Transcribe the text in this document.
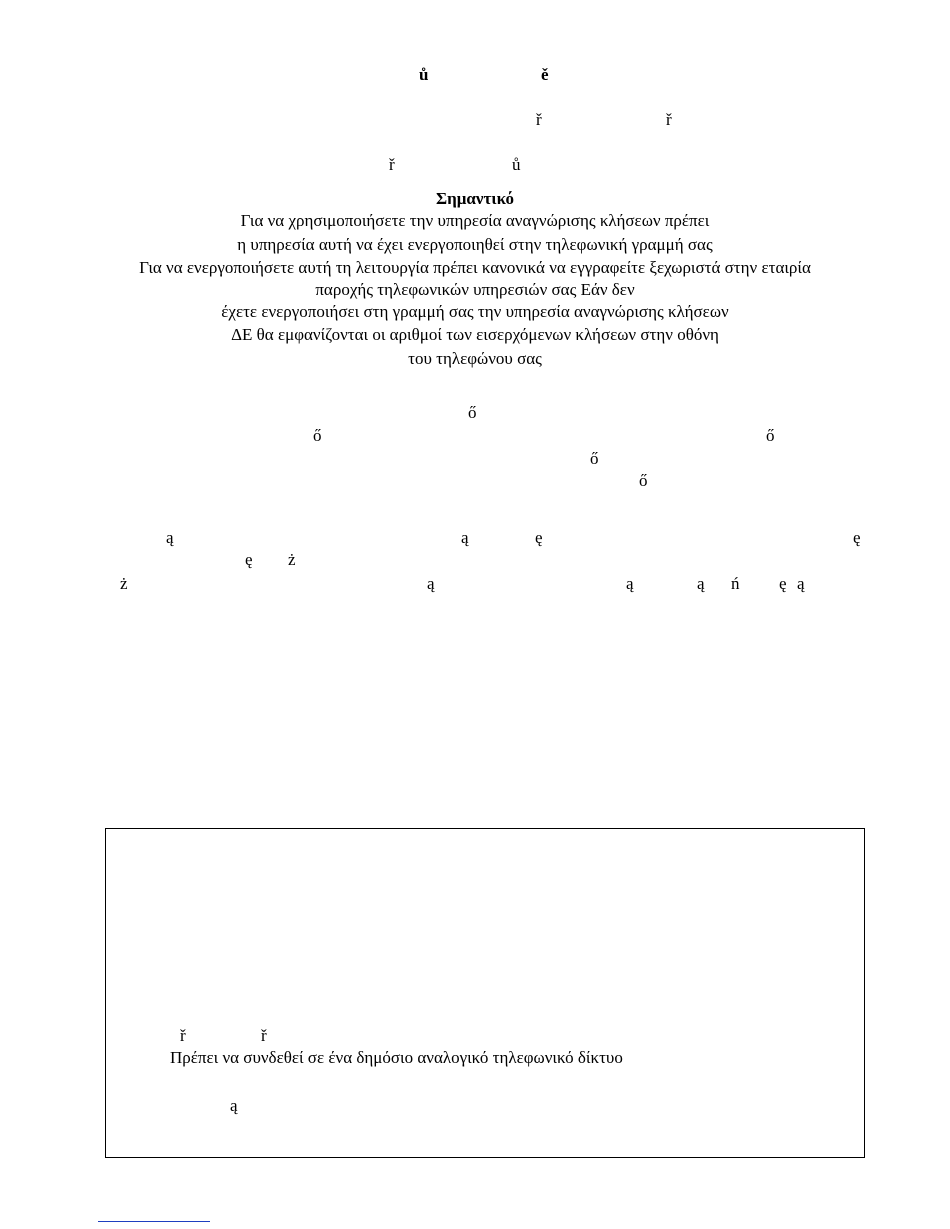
ů	ě
ř	ř
ř	ů
Σημαντικό
Για να χρησιμοποιήσετε την υπηρεσία αναγνώρισης κλήσεων πρέπει
η υπηρεσία αυτή να έχει ενεργοποιηθεί στην τηλεφωνική γραμμή σας
Για να ενεργοποιήσετε αυτή τη λειτουργία πρέπει κανονικά να εγγραφείτε ξεχωριστά στην εταιρία
παροχής τηλεφωνικών υπηρεσιών σας Εάν δεν
έχετε ενεργοποιήσει στη γραμμή σας την υπηρεσία αναγνώρισης κλήσεων
ΔΕ θα εμφανίζονται οι αριθμοί των εισερχόμενων κλήσεων στην οθόνη
του τηλεφώνου σας
ő
ő	ő
ő
ő
ą	ą	ę	ę
ę ż
ż	ą	ą	ą ń ę ą
ř	ř
Πρέπει να συνδεθεί σε ένα δημόσιο αναλογικό τηλεφωνικό δίκτυο
ą
